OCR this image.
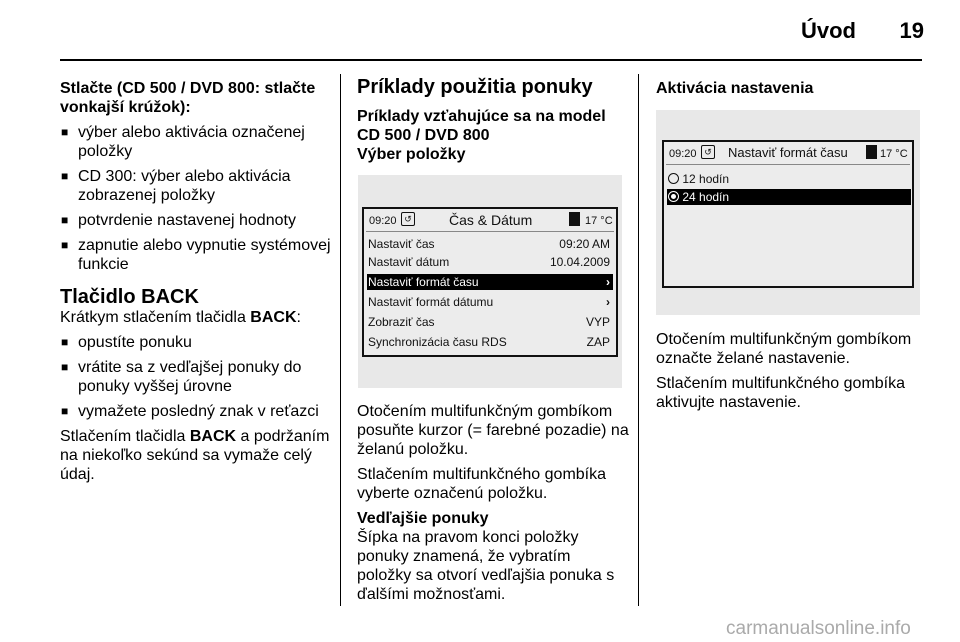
Úvod	19

Stlačte (CD 500 / DVD 800: stlačte vonkajší krúžok):

■ výber alebo aktivácia označenej položky
■ CD 300: výber alebo aktivácia zobrazenej položky
■ potvrdenie nastavenej hodnoty
■ zapnutie alebo vypnutie systémovej funkcie

Tlačidlo BACK

Krátkym stlačením tlačidla BACK:

■ opustíte ponuku
■ vrátite sa z vedľajšej ponuky do ponuky vyššej úrovne
■ vymažete posledný znak v reťazci

Stlačením tlačidla BACK a podržaním na niekoľko sekúnd sa vymaže celý údaj.

Príklady použitia ponuky

Príklady vzťahujúce sa na model CD 500 / DVD 800

Výber položky

09:20 ↺	Čas & Dátum	17 °C
Nastaviť čas	09:20 AM
Nastaviť dátum	10.04.2009
Nastaviť formát času	›
Nastaviť formát dátumu	›
Zobraziť čas	VYP
Synchronizácia času RDS	ZAP

Otočením multifunkčným gombíkom posuňte kurzor (= farebné pozadie) na želanú položku.

Stlačením multifunkčného gombíka vyberte označenú položku.

Vedľajšie ponuky

Šípka na pravom konci položky ponuky znamená, že vybratím položky sa otvorí vedľajšia ponuka s ďalšími možnosťami.

Aktivácia nastavenia

09:20 ↺ Nastaviť formát času	17 °C
12 hodín
24 hodín

Otočením multifunkčným gombíkom označte želané nastavenie.

Stlačením multifunkčného gombíka aktivujte nastavenie.

carmanualsonline.info
